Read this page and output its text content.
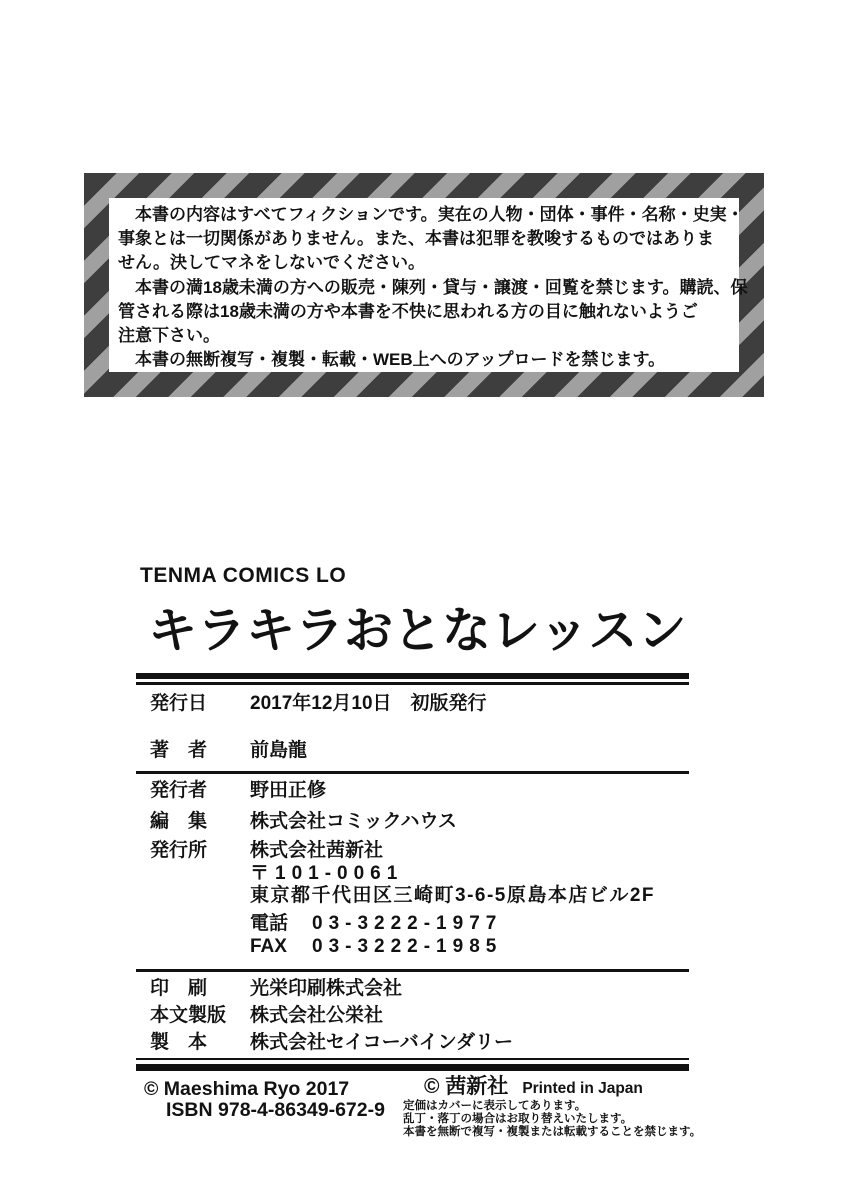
　本書の内容はすべてフィクションです。実在の人物・団体・事件・名称・史実・
事象とは一切関係がありません。また、本書は犯罪を教唆するものではありま
せん。決してマネをしないでください。
　本書の満18歳未満の方への販売・陳列・貸与・譲渡・回覧を禁じます。購読、保
管される際は18歳未満の方や本書を不快に思われる方の目に触れないようご
注意下さい。
　本書の無断複写・複製・転載・WEB上へのアップロードを禁じます。
TENMA COMICS LO
キラキラおとなレッスン
発行日 2017年12月10日　初版発行
著　者 前島龍
発行者 野田正修
編　集 株式会社コミックハウス
発行所 株式会社茜新社
〒101-0061
東京都千代田区三崎町3-6-5原島本店ビル2F
電話 03-3222-1977
FAX 03-3222-1985
印　刷 光栄印刷株式会社
本文製版 株式会社公栄社
製　本 株式会社セイコーバインダリー
© Maeshima Ryo 2017
ISBN 978-4-86349-672-9
© 茜新社 Printed in Japan
定価はカバーに表示してあります。
乱丁・落丁の場合はお取り替えいたします。
本書を無断で複写・複製または転載することを禁じます。
